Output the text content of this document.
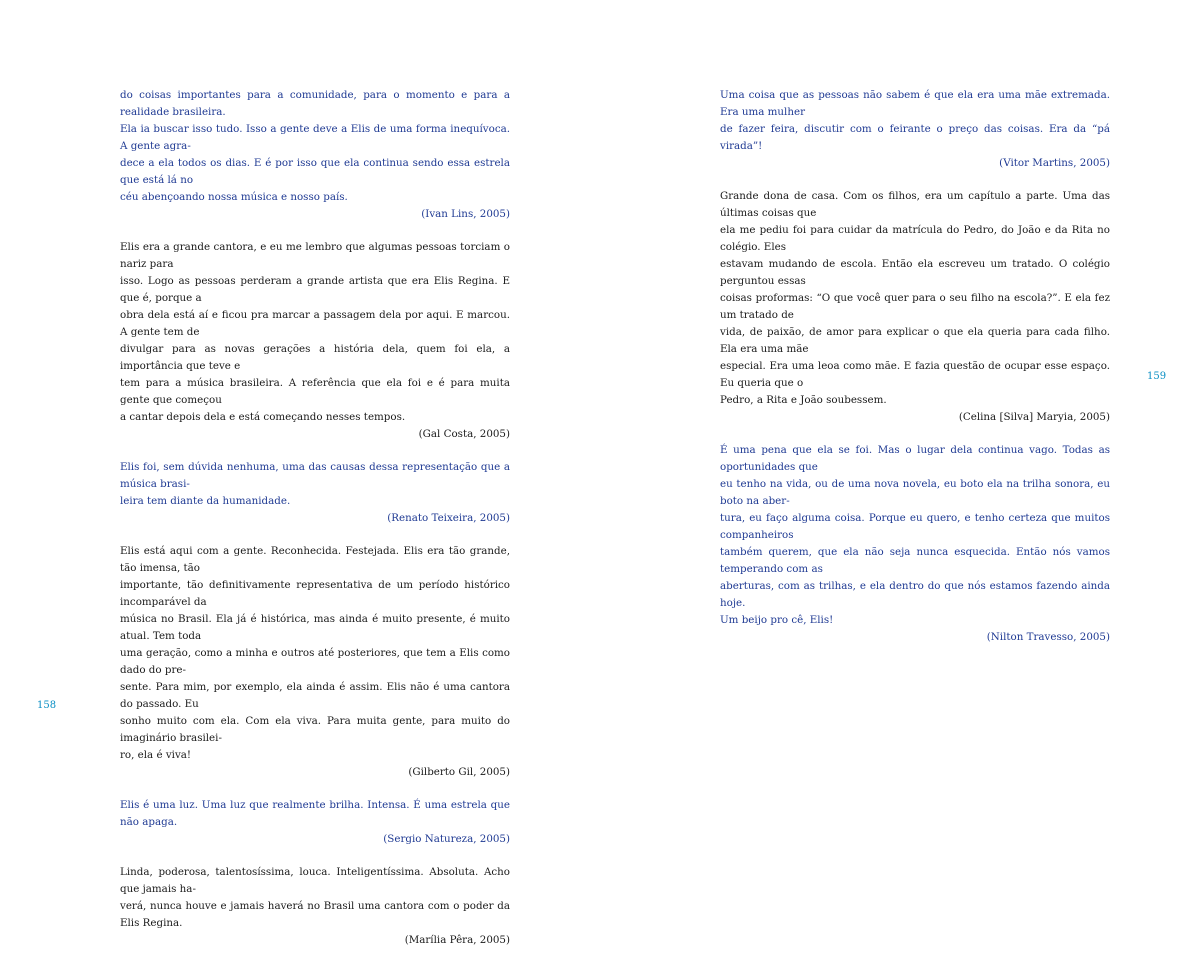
do coisas importantes para a comunidade, para o momento e para a realidade brasileira.

Ela ia buscar isso tudo. Isso a gente deve a Elis de uma forma inequívoca. A gente agra-

dece a ela todos os dias. E é por isso que ela continua sendo essa estrela que está lá no

céu abençoando nossa música e nosso país.

(Ivan Lins, 2005)

Elis era a grande cantora, e eu me lembro que algumas pessoas torciam o nariz para

isso. Logo as pessoas perderam a grande artista que era Elis Regina. E que é, porque a

obra dela está aí e ficou pra marcar a passagem dela por aqui. E marcou. A gente tem de

divulgar para as novas gerações a história dela, quem foi ela, a importância que teve e

tem para a música brasileira. A referência que ela foi e é para muita gente que começou

a cantar depois dela e está começando nesses tempos.

(Gal Costa, 2005)

Elis foi, sem dúvida nenhuma, uma das causas dessa representação que a música brasi-

leira tem diante da humanidade.

(Renato Teixeira, 2005)

Elis está aqui com a gente. Reconhecida. Festejada. Elis era tão grande, tão imensa, tão

importante, tão definitivamente representativa de um período histórico incomparável da

música no Brasil. Ela já é histórica, mas ainda é muito presente, é muito atual. Tem toda

uma geração, como a minha e outros até posteriores, que tem a Elis como dado do pre-

sente. Para mim, por exemplo, ela ainda é assim. Elis não é uma cantora do passado. Eu

sonho muito com ela. Com ela viva. Para muita gente, para muito do imaginário brasilei-

ro, ela é viva!

(Gilberto Gil, 2005)

Elis é uma luz. Uma luz que realmente brilha. Intensa. É uma estrela que não apaga.

(Sergio Natureza, 2005)

Linda, poderosa, talentosíssima, louca. Inteligentíssima. Absoluta. Acho que jamais ha-

verá, nunca houve e jamais haverá no Brasil uma cantora com o poder da Elis Regina.

(Marília Pêra, 2005)

158

Uma coisa que as pessoas não sabem é que ela era uma mãe extremada. Era uma mulher

de fazer feira, discutir com o feirante o preço das coisas. Era da “pá virada”!

(Vitor Martins, 2005)

Grande dona de casa. Com os filhos, era um capítulo a parte. Uma das últimas coisas que

ela me pediu foi para cuidar da matrícula do Pedro, do João e da Rita no colégio. Eles

estavam mudando de escola. Então ela escreveu um tratado. O colégio perguntou essas

coisas proformas: “O que você quer para o seu filho na escola?”. E ela fez um tratado de

vida, de paixão, de amor para explicar o que ela queria para cada filho. Ela era uma mãe

especial. Era uma leoa como mãe. E fazia questão de ocupar esse espaço. Eu queria que o

Pedro, a Rita e João soubessem.

(Celina [Silva] Maryia, 2005)

É uma pena que ela se foi. Mas o lugar dela continua vago. Todas as oportunidades que

eu tenho na vida, ou de uma nova novela, eu boto ela na trilha sonora, eu boto na aber-

tura, eu faço alguma coisa. Porque eu quero, e tenho certeza que muitos companheiros

também querem, que ela não seja nunca esquecida. Então nós vamos temperando com as

aberturas, com as trilhas, e ela dentro do que nós estamos fazendo ainda hoje.

Um beijo pro cê, Elis!

(Nilton Travesso, 2005)

159
